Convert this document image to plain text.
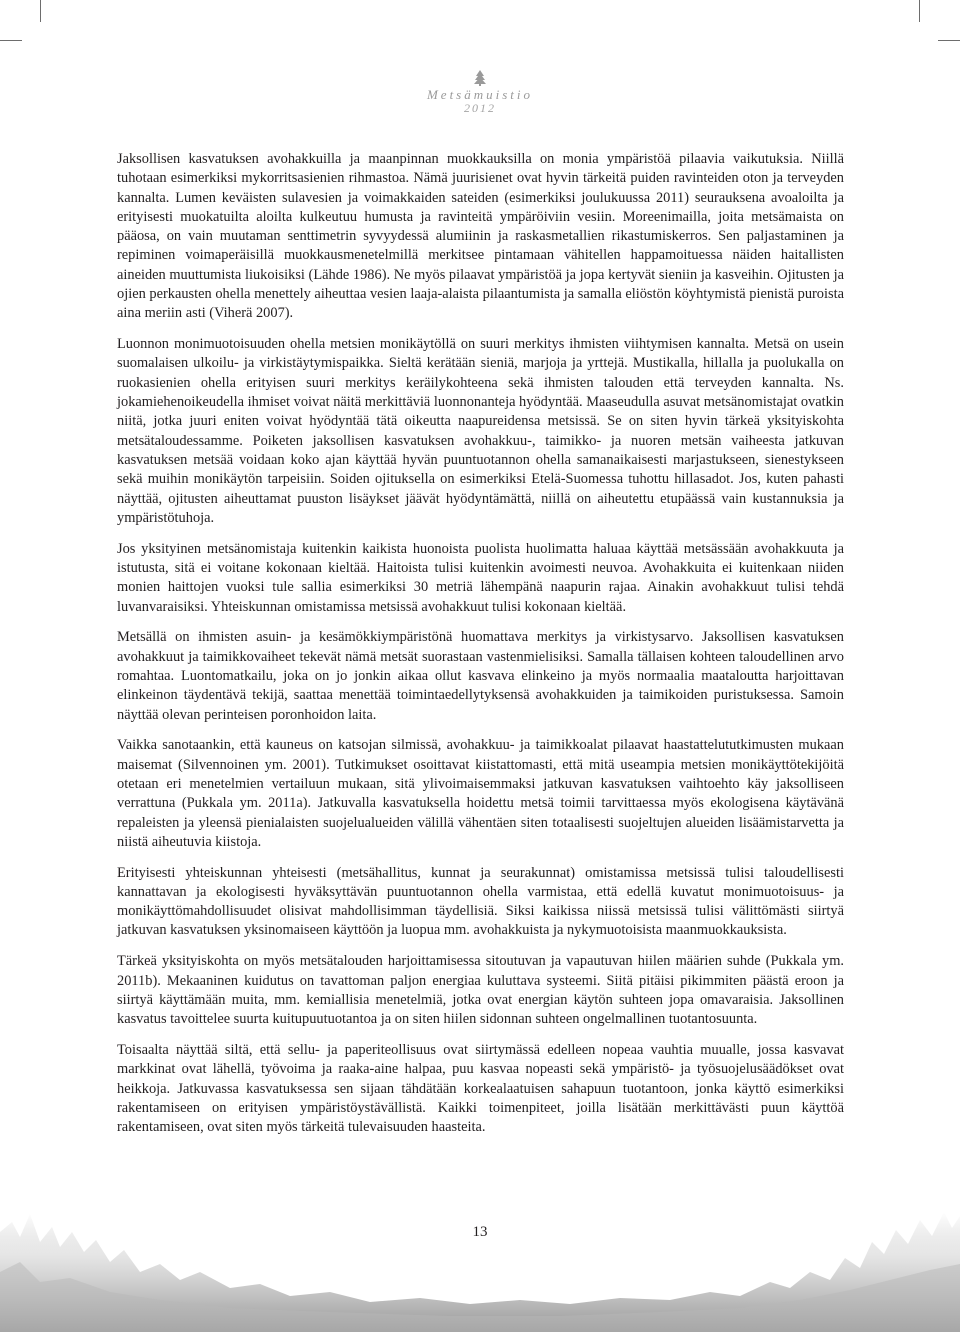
Metsämuistio
2012

Jaksollisen kasvatuksen avohakkuilla ja maanpinnan muokkauksilla on monia ympäristöä pilaavia vaikutuksia. Niillä tuhotaan esimerkiksi mykorritsasienien rihmastoa. Nämä juurisienet ovat hyvin tärkeitä puiden ravinteiden oton ja terveyden kannalta. Lumen keväisten sulavesien ja voimakkaiden sateiden (esimerkiksi joulukuussa 2011) seurauksena avoaloilta ja erityisesti muokatuilta aloilta kulkeutuu humusta ja ravinteitä ympäröiviin vesiin. Moreenimailla, joita metsämaista on pääosa, on vain muutaman senttimetrin syvyydessä alumiinin ja raskasmetallien rikastumiskerros. Sen paljastaminen ja repiminen voimaperäisillä muokkausmenetelmillä merkitsee pintamaan vähitellen happamoituessa näiden haitallisten aineiden muuttumista liukoisiksi (Lähde 1986). Ne myös pilaavat ympäristöä ja jopa kertyvät sieniin ja kasveihin. Ojitusten ja ojien perkausten ohella menettely aiheuttaa vesien laaja-alaista pilaantumista ja samalla eliöstön köyhtymistä pienistä puroista aina meriin asti (Viherä 2007).

Luonnon monimuotoisuuden ohella metsien monikäytöllä on suuri merkitys ihmisten viihtymisen kannalta. Metsä on usein suomalaisen ulkoilu- ja virkistäytymispaikka. Sieltä kerätään sieniä, marjoja ja yrttejä. Mustikalla, hillalla ja puolukalla on ruokasienien ohella erityisen suuri merkitys keräilykohteena sekä ihmisten talouden että terveyden kannalta. Ns. jokamiehenoikeudella ihmiset voivat näitä merkittäviä luonnonanteja hyödyntää. Maaseudulla asuvat metsänomistajat ovatkin niitä, jotka juuri eniten voivat hyödyntää tätä oikeutta naapureidensa metsissä. Se on siten hyvin tärkeä yksityiskohta metsätaloudessamme. Poiketen jaksollisen kasvatuksen avohakkuu-, taimikko- ja nuoren metsän vaiheesta jatkuvan kasvatuksen metsää voidaan koko ajan käyttää hyvän puuntuotannon ohella samanaikaisesti marjastukseen, sienestykseen sekä muihin monikäytön tarpeisiin. Soiden ojituksella on esimerkiksi Etelä-Suomessa tuhottu hillasadot. Jos, kuten pahasti näyttää, ojitusten aiheuttamat puuston lisäykset jäävät hyödyntämättä, niillä on aiheutettu etupäässä vain kustannuksia ja ympäristötuhoja.

Jos yksityinen metsänomistaja kuitenkin kaikista huonoista puolista huolimatta haluaa käyttää metsässään avohakkuuta ja istutusta, sitä ei voitane kokonaan kieltää. Haitoista tulisi kuitenkin avoimesti neuvoa. Avohakkuita ei kuitenkaan niiden monien haittojen vuoksi tule sallia esimerkiksi 30 metriä lähempänä naapurin rajaa. Ainakin avohakkuut tulisi tehdä luvanvaraisiksi. Yhteiskunnan omistamissa metsissä avohakkuut tulisi kokonaan kieltää.

Metsällä on ihmisten asuin- ja kesämökkiympäristönä huomattava merkitys ja virkistysarvo. Jaksollisen kasvatuksen avohakkuut ja taimikkovaiheet tekevät nämä metsät suorastaan vastenmielisiksi. Samalla tällaisen kohteen taloudellinen arvo romahtaa. Luontomatkailu, joka on jo jonkin aikaa ollut kasvava elinkeino ja myös normaalia maataloutta harjoittavan elinkeinon täydentävä tekijä, saattaa menettää toimintaedellytyksensä avohakkuiden ja taimikoiden puristuksessa. Samoin näyttää olevan perinteisen poronhoidon laita.

Vaikka sanotaankin, että kauneus on katsojan silmissä, avohakkuu- ja taimikkoalat pilaavat haastattelututkimusten mukaan maisemat (Silvennoinen ym. 2001). Tutkimukset osoittavat kiistattomasti, että mitä useampia metsien monikäyttötekijöitä otetaan eri menetelmien vertailuun mukaan, sitä ylivoimaisemmaksi jatkuvan kasvatuksen vaihtoehto käy jaksolliseen verrattuna (Pukkala ym. 2011a). Jatkuvalla kasvatuksella hoidettu metsä toimii tarvittaessa myös ekologisena käytävänä repaleisten ja yleensä pienialaisten suojelualueiden välillä vähentäen siten totaalisesti suojeltujen alueiden lisäämistarvetta ja niistä aiheutuvia kiistoja.

Erityisesti yhteiskunnan yhteisesti (metsähallitus, kunnat ja seurakunnat) omistamissa metsissä tulisi taloudellisesti kannattavan ja ekologisesti hyväksyttävän puuntuotannon ohella varmistaa, että edellä kuvatut monimuotoisuus- ja monikäyttömahdollisuudet olisivat mahdollisimman täydellisiä. Siksi kaikissa niissä metsissä tulisi välittömästi siirtyä jatkuvan kasvatuksen yksinomaiseen käyttöön ja luopua mm. avohakkuista ja nykymuotoisista maanmuokkauksista.

Tärkeä yksityiskohta on myös metsätalouden harjoittamisessa sitoutuvan ja vapautuvan hiilen määrien suhde (Pukkala ym. 2011b). Mekaaninen kuidutus on tavattoman paljon energiaa kuluttava systeemi. Siitä pitäisi pikimmiten päästä eroon ja siirtyä käyttämään muita, mm. kemiallisia menetelmiä, jotka ovat energian käytön suhteen jopa omavaraisia. Jaksollinen kasvatus tavoittelee suurta kuitupuutuotantoa ja on siten hiilen sidonnan suhteen ongelmallinen tuotantosuunta.

Toisaalta näyttää siltä, että sellu- ja paperiteollisuus ovat siirtymässä edelleen nopeaa vauhtia muualle, jossa kasvavat markkinat ovat lähellä, työvoima ja raaka-aine halpaa, puu kasvaa nopeasti sekä ympäristö- ja työsuojelusäädökset ovat heikkoja. Jatkuvassa kasvatuksessa sen sijaan tähdätään korkealaatuisen sahapuun tuotantoon, jonka käyttö esimerkiksi rakentamiseen on erityisen ympäristöystävällistä. Kaikki toimenpiteet, joilla lisätään merkittävästi puun käyttöä rakentamiseen, ovat siten myös tärkeitä tulevaisuuden haasteita.

13
